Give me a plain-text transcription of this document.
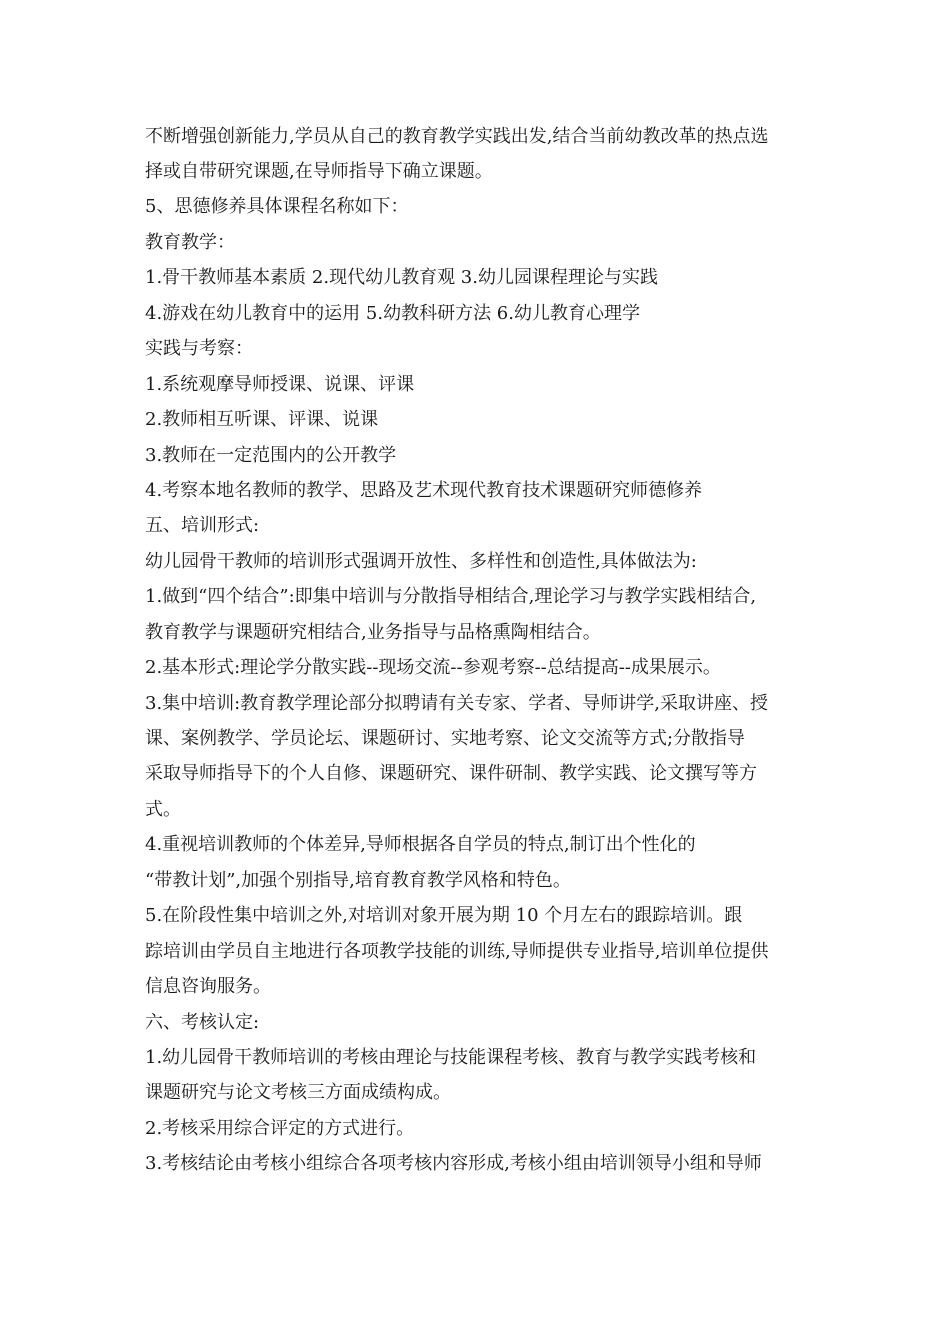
不断增强创新能力,学员从自己的教育教学实践出发,结合当前幼教改革的热点选
择或自带研究课题,在导师指导下确立课题。
5、思德修养具体课程名称如下：
教育教学：
1.骨干教师基本素质 2.现代幼儿教育观 3.幼儿园课程理论与实践
4.游戏在幼儿教育中的运用 5.幼教科研方法 6.幼儿教育心理学
实践与考察：
1.系统观摩导师授课、说课、评课
2.教师相互听课、评课、说课
3.教师在一定范围内的公开教学
4.考察本地名教师的教学、思路及艺术现代教育技术课题研究师德修养
五、培训形式:
幼儿园骨干教师的培训形式强调开放性、多样性和创造性,具体做法为:
1.做到“四个结合”:即集中培训与分散指导相结合,理论学习与教学实践相结合,
教育教学与课题研究相结合,业务指导与品格熏陶相结合。
2.基本形式:理论学分散实践--现场交流--参观考察--总结提高--成果展示。
3.集中培训:教育教学理论部分拟聘请有关专家、学者、导师讲学,采取讲座、授
课、案例教学、学员论坛、课题研讨、实地考察、论文交流等方式;分散指导
采取导师指导下的个人自修、课题研究、课件研制、教学实践、论文撰写等方
式。
4.重视培训教师的个体差异,导师根据各自学员的特点,制订出个性化的
“带教计划”,加强个别指导,培育教育教学风格和特色。
5.在阶段性集中培训之外,对培训对象开展为期 10 个月左右的跟踪培训。跟
踪培训由学员自主地进行各项教学技能的训练,导师提供专业指导,培训单位提供
信息咨询服务。
六、考核认定:
1.幼儿园骨干教师培训的考核由理论与技能课程考核、教育与教学实践考核和
课题研究与论文考核三方面成绩构成。
2.考核采用综合评定的方式进行。
3.考核结论由考核小组综合各项考核内容形成,考核小组由培训领导小组和导师
